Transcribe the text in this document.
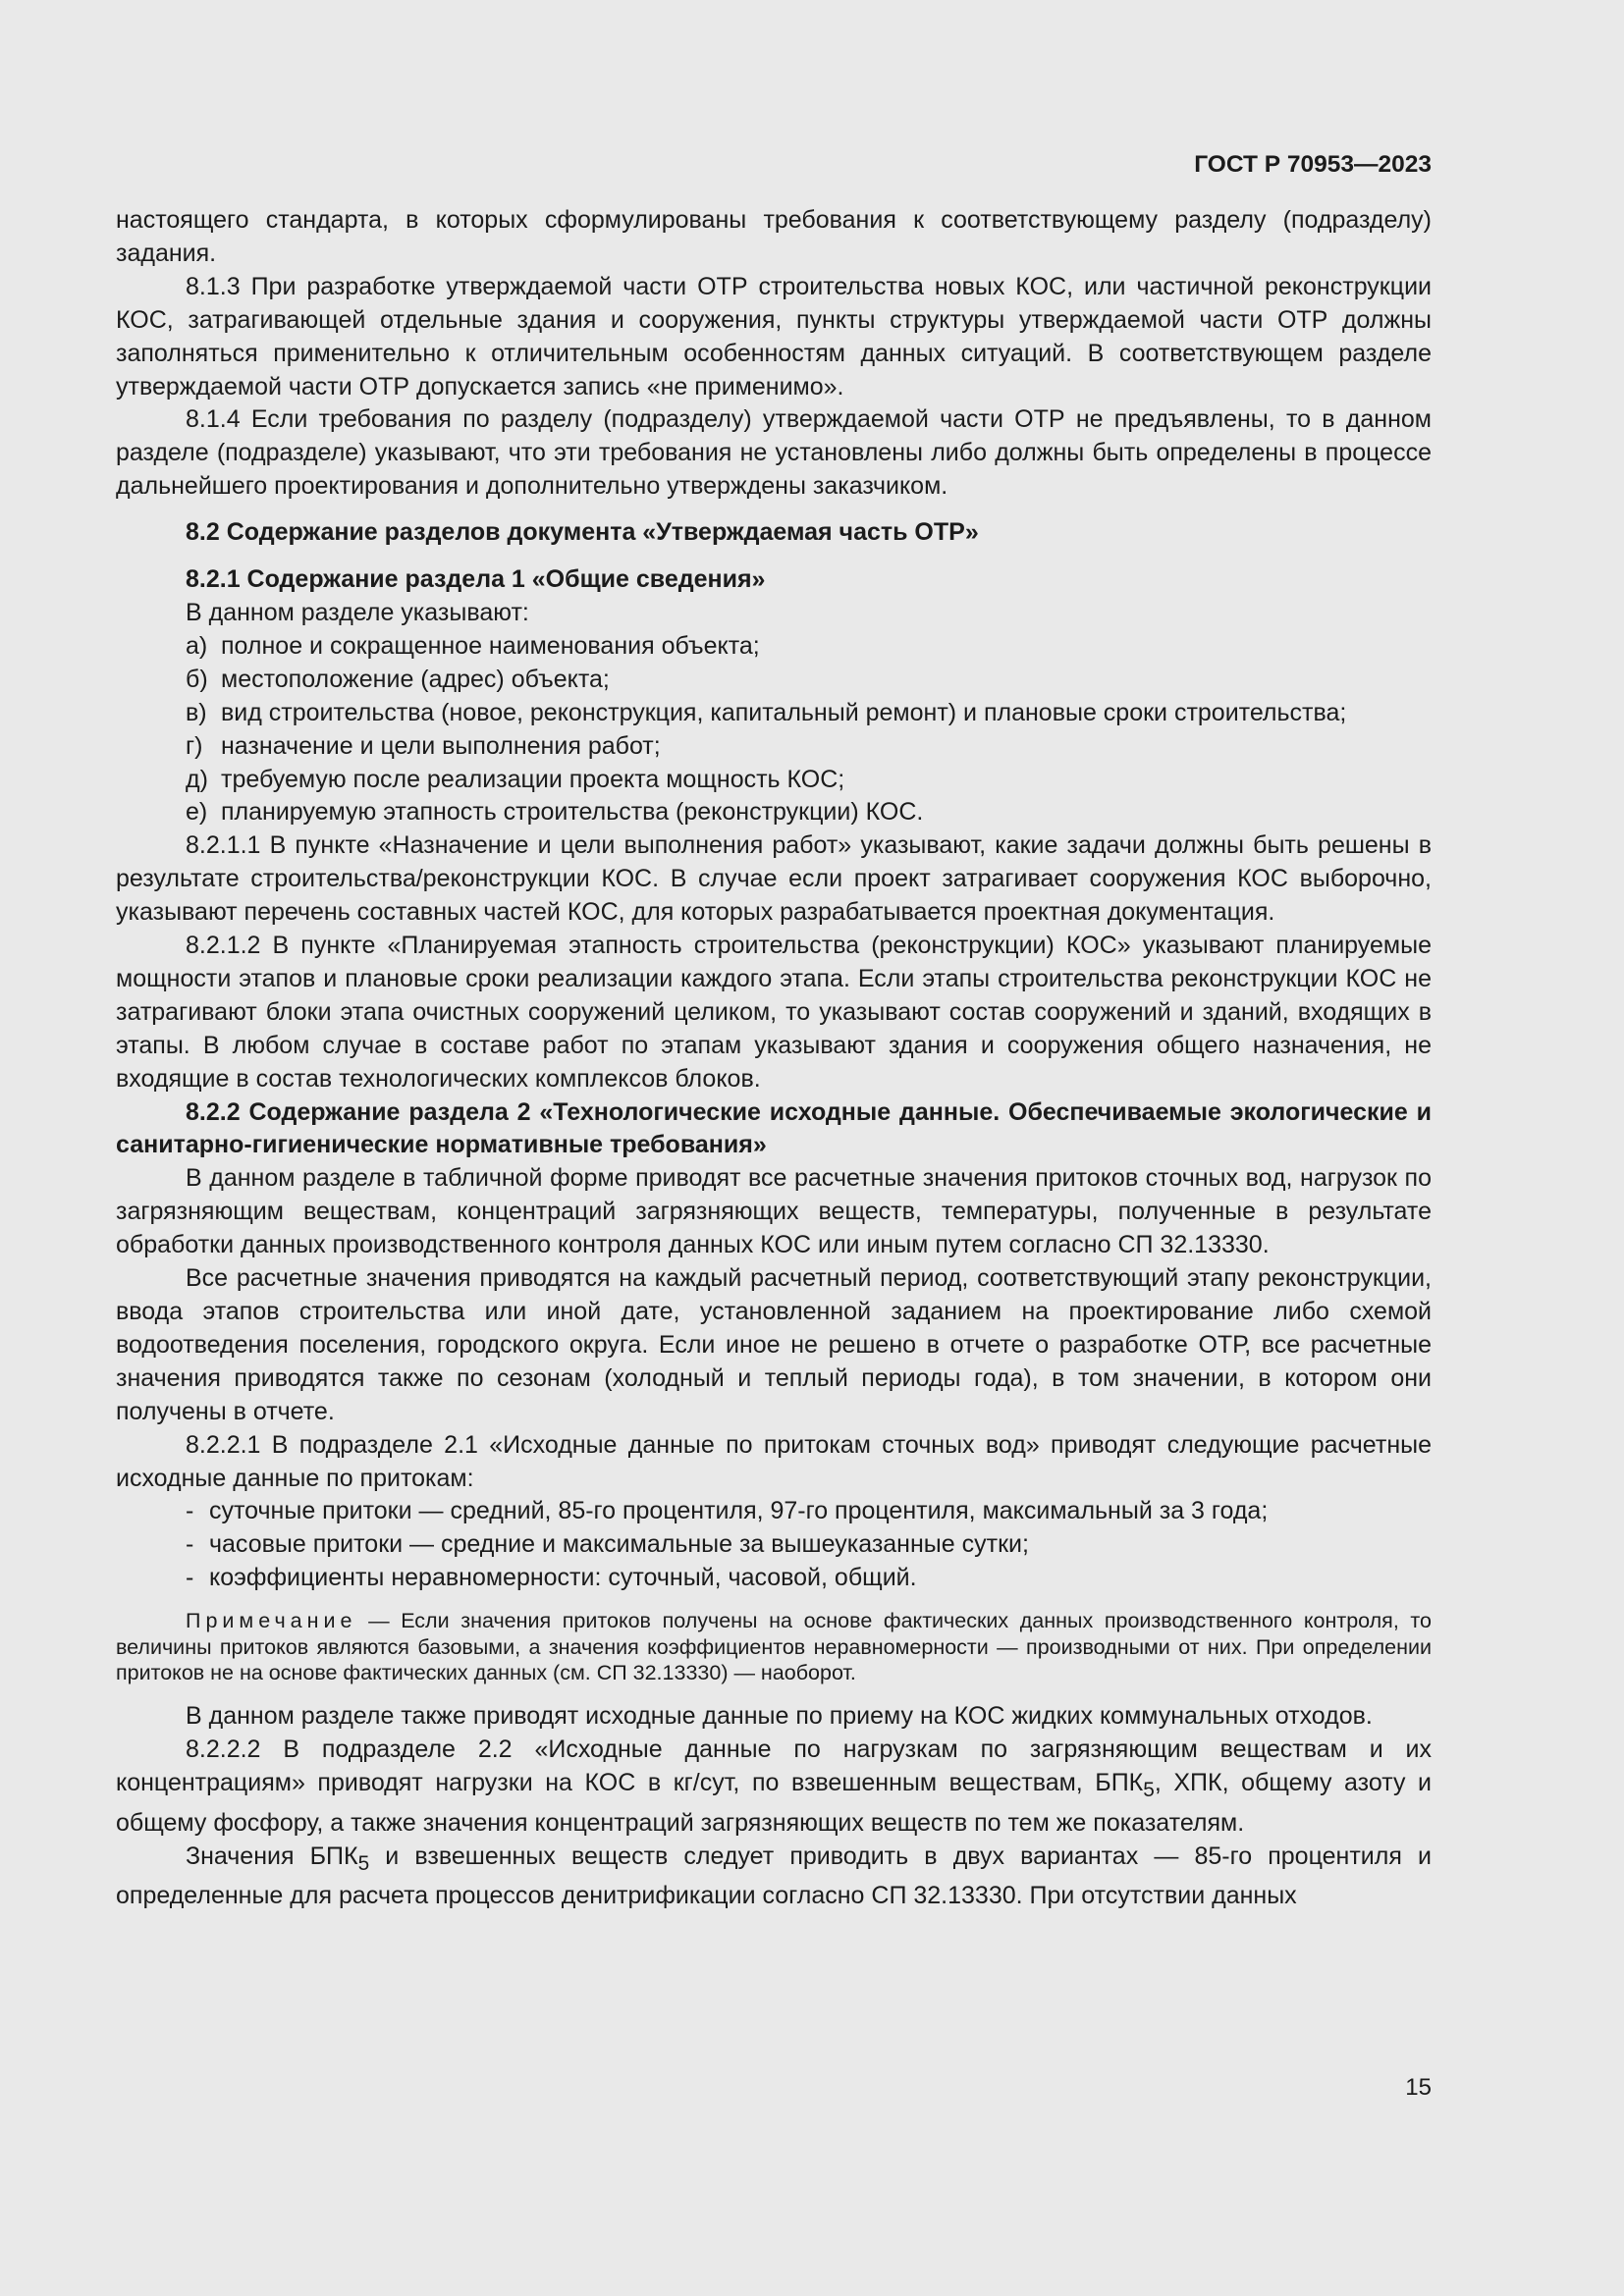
ГОСТ Р 70953—2023

настоящего стандарта, в которых сформулированы требования к соответствующему разделу (подразделу) задания.

8.1.3 При разработке утверждаемой части ОТР строительства новых КОС, или частичной реконструкции КОС, затрагивающей отдельные здания и сооружения, пункты структуры утверждаемой части ОТР должны заполняться применительно к отличительным особенностям данных ситуаций. В соответствующем разделе утверждаемой части ОТР допускается запись «не применимо».

8.1.4 Если требования по разделу (подразделу) утверждаемой части ОТР не предъявлены, то в данном разделе (подразделе) указывают, что эти требования не установлены либо должны быть определены в процессе дальнейшего проектирования и дополнительно утверждены заказчиком.

8.2 Содержание разделов документа «Утверждаемая часть ОТР»

8.2.1 Содержание раздела 1 «Общие сведения»

В данном разделе указывают:

а) полное и сокращенное наименования объекта;

б) местоположение (адрес) объекта;

в) вид строительства (новое, реконструкция, капитальный ремонт) и плановые сроки строительства;

г) назначение и цели выполнения работ;

д) требуемую после реализации проекта мощность КОС;

е) планируемую этапность строительства (реконструкции) КОС.

8.2.1.1 В пункте «Назначение и цели выполнения работ» указывают, какие задачи должны быть решены в результате строительства/реконструкции КОС. В случае если проект затрагивает сооружения КОС выборочно, указывают перечень составных частей КОС, для которых разрабатывается проектная документация.

8.2.1.2 В пункте «Планируемая этапность строительства (реконструкции) КОС» указывают планируемые мощности этапов и плановые сроки реализации каждого этапа. Если этапы строительства реконструкции КОС не затрагивают блоки этапа очистных сооружений целиком, то указывают состав сооружений и зданий, входящих в этапы. В любом случае в составе работ по этапам указывают здания и сооружения общего назначения, не входящие в состав технологических комплексов блоков.

8.2.2 Содержание раздела 2 «Технологические исходные данные. Обеспечиваемые экологические и санитарно-гигиенические нормативные требования»

В данном разделе в табличной форме приводят все расчетные значения притоков сточных вод, нагрузок по загрязняющим веществам, концентраций загрязняющих веществ, температуры, полученные в результате обработки данных производственного контроля данных КОС или иным путем согласно СП 32.13330.

Все расчетные значения приводятся на каждый расчетный период, соответствующий этапу реконструкции, ввода этапов строительства или иной дате, установленной заданием на проектирование либо схемой водоотведения поселения, городского округа. Если иное не решено в отчете о разработке ОТР, все расчетные значения приводятся также по сезонам (холодный и теплый периоды года), в том значении, в котором они получены в отчете.

8.2.2.1 В подразделе 2.1 «Исходные данные по притокам сточных вод» приводят следующие расчетные исходные данные по притокам:

- суточные притоки — средний, 85-го процентиля, 97-го процентиля, максимальный за 3 года;

- часовые притоки — средние и максимальные за вышеуказанные сутки;

- коэффициенты неравномерности: суточный, часовой, общий.

Примечание — Если значения притоков получены на основе фактических данных производственного контроля, то величины притоков являются базовыми, а значения коэффициентов неравномерности — производными от них. При определении притоков не на основе фактических данных (см. СП 32.13330) — наоборот.

В данном разделе также приводят исходные данные по приему на КОС жидких коммунальных отходов.

8.2.2.2 В подразделе 2.2 «Исходные данные по нагрузкам по загрязняющим веществам и их концентрациям» приводят нагрузки на КОС в кг/сут, по взвешенным веществам, $БПК_5$, ХПК, общему азоту и общему фосфору, а также значения концентраций загрязняющих веществ по тем же показателям.

Значения $БПК_5$ и взвешенных веществ следует приводить в двух вариантах — 85-го процентиля и определенные для расчета процессов денитрификации согласно СП 32.13330. При отсутствии данных

15
